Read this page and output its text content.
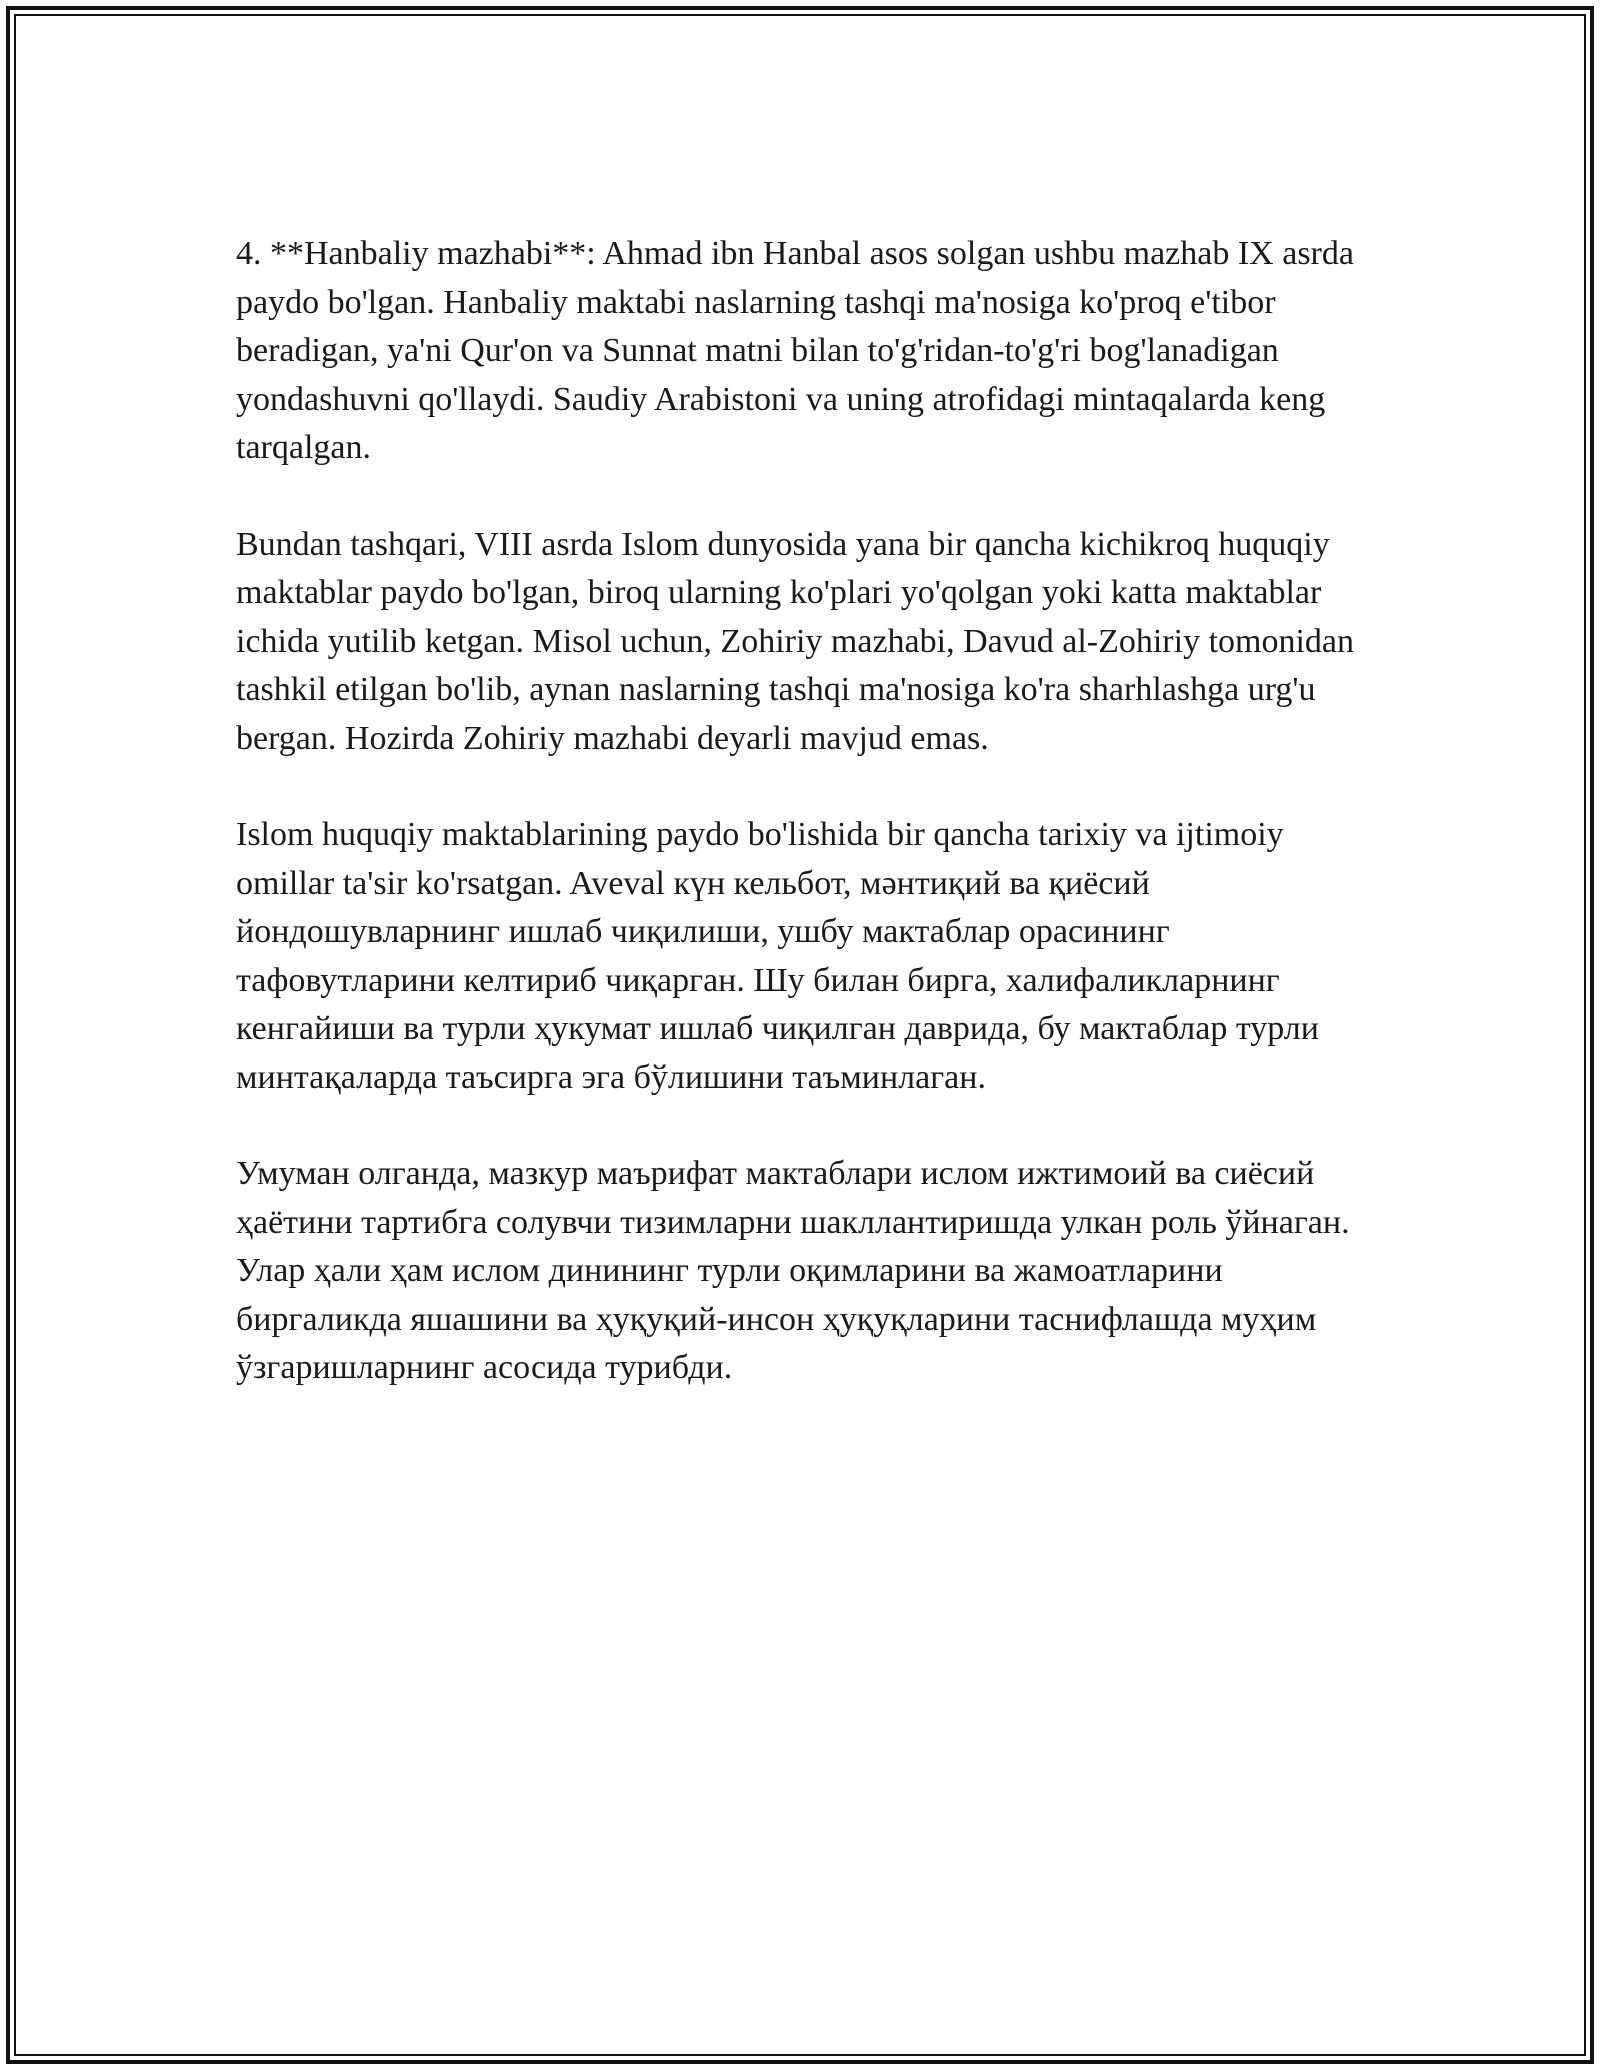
4. **Hanbaliy mazhabi**: Ahmad ibn Hanbal asos solgan ushbu mazhab IX asrda paydo bo'lgan. Hanbaliy maktabi naslarning tashqi ma'nosiga ko'proq e'tibor beradigan, ya'ni Qur'on va Sunnat matni bilan to'g'ridan-to'g'ri bog'lanadigan yondashuvni qo'llaydi. Saudiy Arabistoni va uning atrofidagi mintaqalarda keng tarqalgan.

Bundan tashqari, VIII asrda Islom dunyosida yana bir qancha kichikroq huquqiy maktablar paydo bo'lgan, biroq ularning ko'plari yo'qolgan yoki katta maktablar ichida yutilib ketgan. Misol uchun, Zohiriy mazhabi, Davud al-Zohiriy tomonidan tashkil etilgan bo'lib, aynan naslarning tashqi ma'nosiga ko'ra sharhlashga urg'u bergan. Hozirda Zohiriy mazhabi deyarli mavjud emas.

Islom huquqiy maktablarining paydo bo'lishida bir qancha tarixiy va ijtimoiy omillar ta'sir ko'rsatgan. Aveval күн кельбот, мәнтиқий ва қиёсий йондошувларнинг ишлаб чиқилиши, ушбу мактаблар орасининг тафовутларини келтириб чиқарган. Шу билан бирга, халифаликларнинг кенгайиши ва турли ҳукумат ишлаб чиқилган даврида, бу мактаблар турли минтақаларда таъсирга эга бўлишини таъминлаган.

Умуман олганда, мазкур маърифат мактаблари ислом ижтимоий ва сиёсий ҳаётини тартибга солувчи тизимларни шакллантиришда улкан роль ўйнаган. Улар ҳали ҳам ислом динининг турли оқимларини ва жамоатларини биргаликда яшашини ва ҳуқуқий-инсон ҳуқуқларини таснифлашда муҳим ўзгаришларнинг асосида турибди.
